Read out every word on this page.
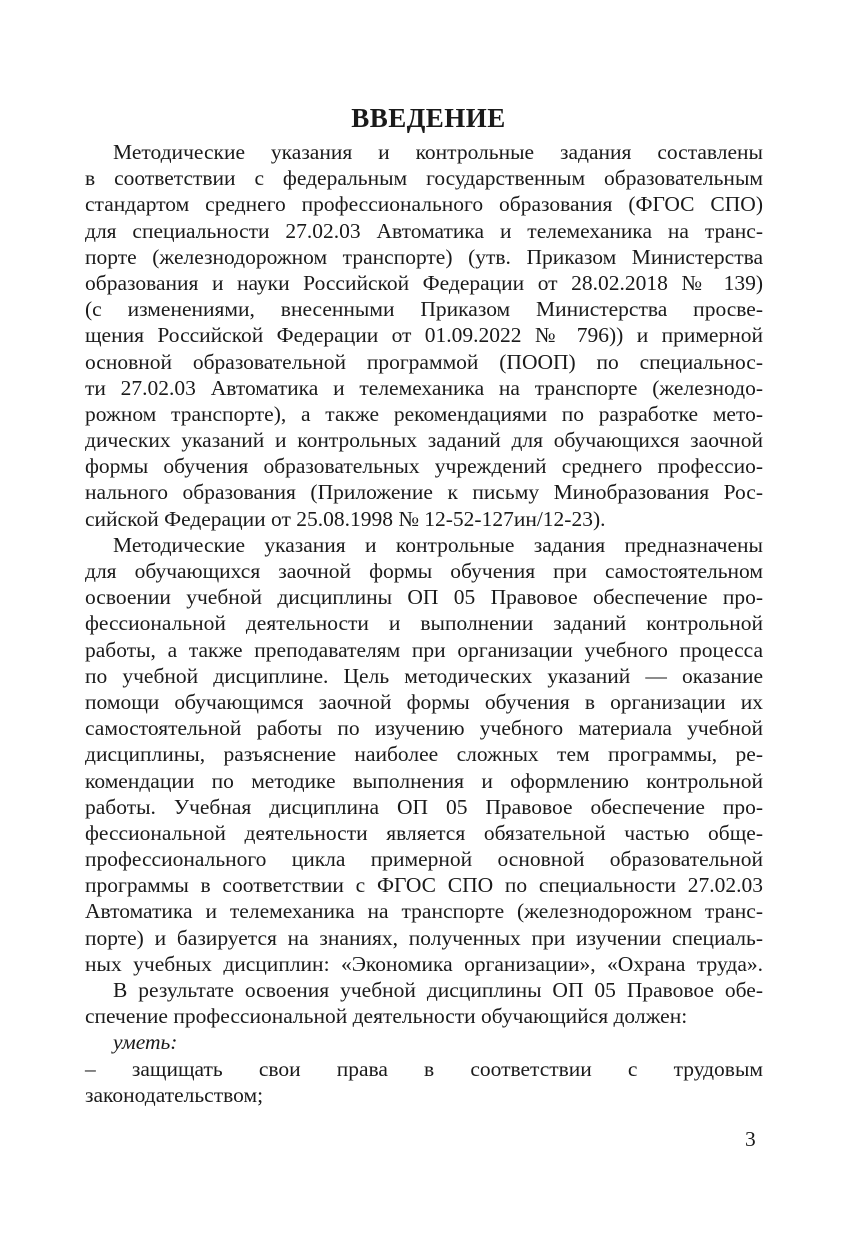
ВВЕДЕНИЕ
Методические указания и контрольные задания составлены
в соответствии с федеральным государственным образовательным
стандартом среднего профессионального образования (ФГОС СПО)
для специальности 27.02.03 Автоматика и телемеханика на транс-
порте (железнодорожном транспорте) (утв. Приказом Министерства
образования и науки Российской Федерации от 28.02.2018 № 139)
(с изменениями, внесенными Приказом Министерства просве-
щения Российской Федерации от 01.09.2022 № 796)) и примерной
основной образовательной программой (ПООП) по специальнос-
ти 27.02.03 Автоматика и телемеханика на транспорте (железнодо-
рожном транспорте), а также рекомендациями по разработке мето-
дических указаний и контрольных заданий для обучающихся заочной
формы обучения образовательных учреждений среднего профессио-
нального образования (Приложение к письму Минобразования Рос-
сийской Федерации от 25.08.1998 № 12-52-127ин/12-23).
Методические указания и контрольные задания предназначены
для обучающихся заочной формы обучения при самостоятельном
освоении учебной дисциплины ОП 05 Правовое обеспечение про-
фессиональной деятельности и выполнении заданий контрольной
работы, а также преподавателям при организации учебного процесса
по учебной дисциплине. Цель методических указаний — оказание
помощи обучающимся заочной формы обучения в организации их
самостоятельной работы по изучению учебного материала учебной
дисциплины, разъяснение наиболее сложных тем программы, ре-
комендации по методике выполнения и оформлению контрольной
работы. Учебная дисциплина ОП 05 Правовое обеспечение про-
фессиональной деятельности является обязательной частью обще-
профессионального цикла примерной основной образовательной
программы в соответствии с ФГОС СПО по специальности 27.02.03
Автоматика и телемеханика на транспорте (железнодорожном транс-
порте) и базируется на знаниях, полученных при изучении специаль-
ных учебных дисциплин: «Экономика организации», «Охрана труда».
В результате освоения учебной дисциплины ОП 05 Правовое обе-
спечение профессиональной деятельности обучающийся должен:
уметь:
– защищать свои права в соответствии с трудовым
законодательством;
3
